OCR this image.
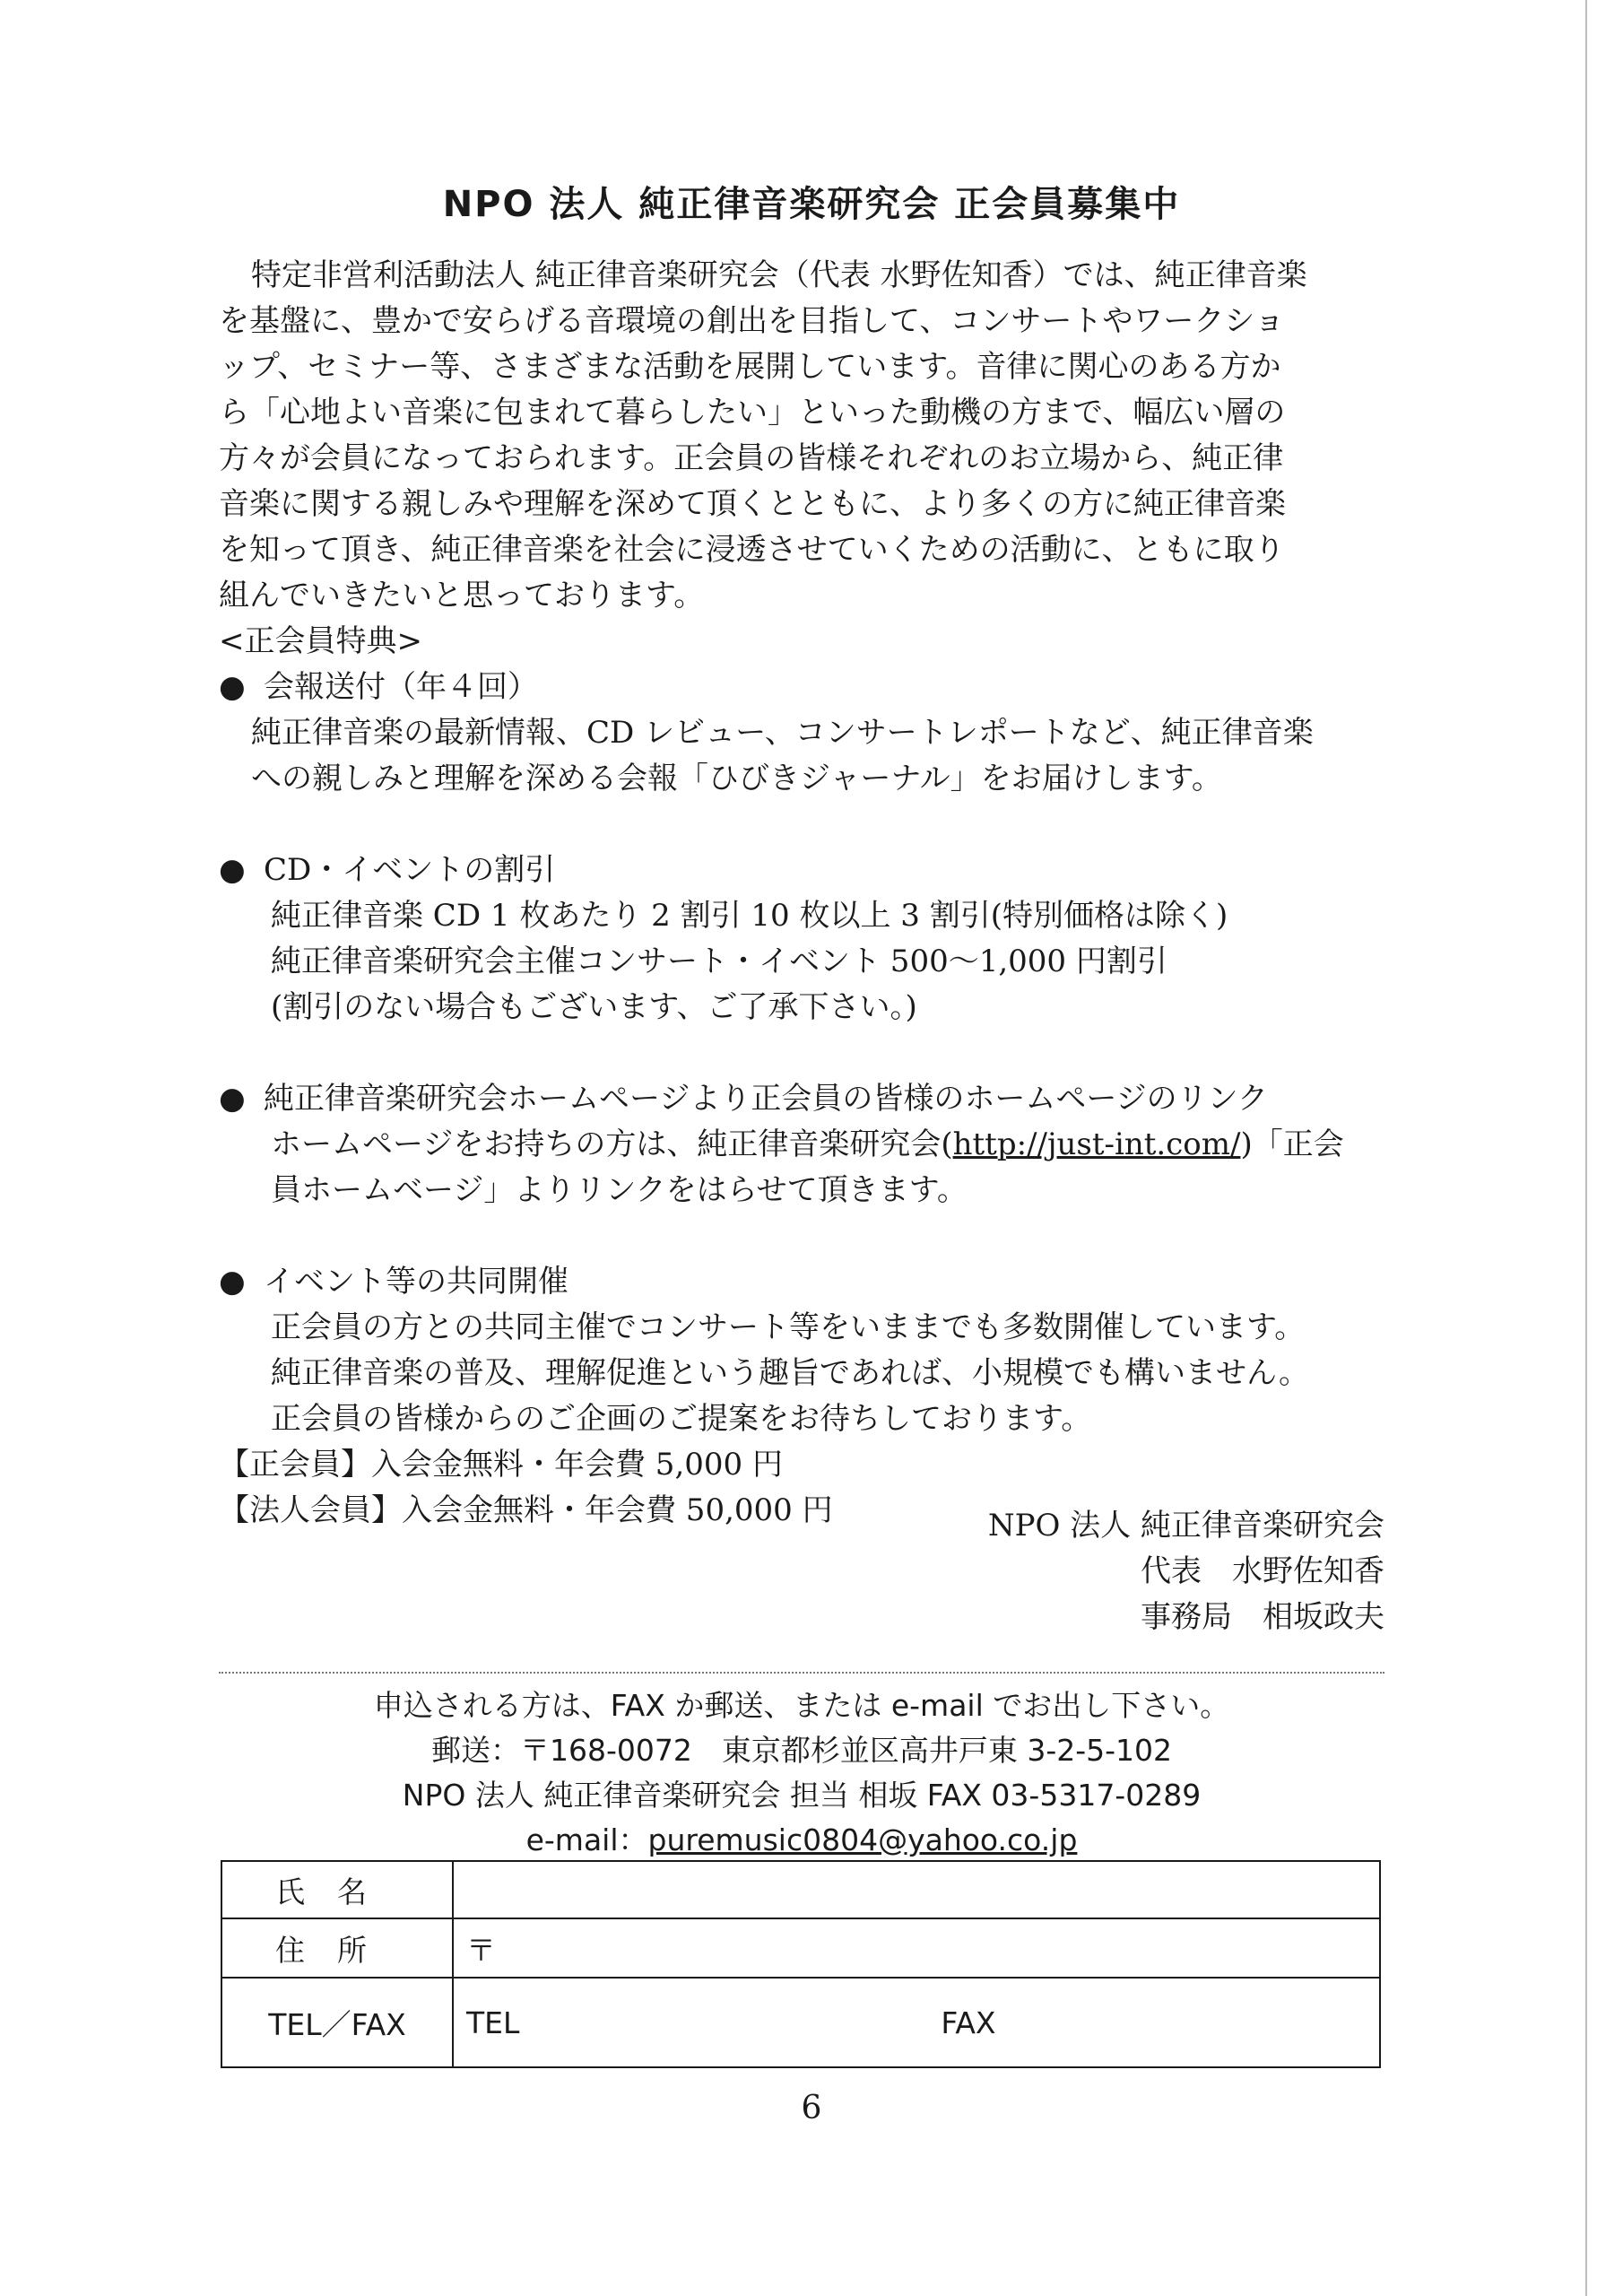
NPO 法人 純正律音楽研究会 正会員募集中
特定非営利活動法人 純正律音楽研究会（代表 水野佐知香）では、純正律音楽
を基盤に、豊かで安らげる音環境の創出を目指して、コンサートやワークショ
ップ、セミナー等、さまざまな活動を展開しています。音律に関心のある方か
ら「心地よい音楽に包まれて暮らしたい」といった動機の方まで、幅広い層の
方々が会員になっておられます。正会員の皆様それぞれのお立場から、純正律
音楽に関する親しみや理解を深めて頂くとともに、より多くの方に純正律音楽
を知って頂き、純正律音楽を社会に浸透させていくための活動に、ともに取り
組んでいきたいと思っております。
<正会員特典>
● 会報送付（年４回）
純正律音楽の最新情報、CD レビュー、コンサートレポートなど、純正律音楽
への親しみと理解を深める会報「ひびきジャーナル」をお届けします。
● CD・イベントの割引
純正律音楽 CD 1 枚あたり 2 割引 10 枚以上 3 割引(特別価格は除く)
純正律音楽研究会主催コンサート・イベント 500～1,000 円割引
(割引のない場合もございます、ご了承下さい。)
● 純正律音楽研究会ホームページより正会員の皆様のホームページのリンク
ホームページをお持ちの方は、純正律音楽研究会(http://just-int.com/)「正会
員ホームベージ」よりリンクをはらせて頂きます。
● イベント等の共同開催
正会員の方との共同主催でコンサート等をいままでも多数開催しています。
純正律音楽の普及、理解促進という趣旨であれば、小規模でも構いません。
正会員の皆様からのご企画のご提案をお待ちしております。
【正会員】入会金無料・年会費 5,000 円
【法人会員】入会金無料・年会費 50,000 円	NPO 法人 純正律音楽研究会
代表　水野佐知香
事務局　相坂政夫
申込される方は、FAX か郵送、または e-mail でお出し下さい。
郵送：〒168-0072　東京都杉並区高井戸東 3-2-5-102
NPO 法人 純正律音楽研究会 担当 相坂 FAX 03-5317-0289
e-mail：puremusic0804@yahoo.co.jp
氏名	
住所	〒
TEL／FAX	TEL FAX
6
